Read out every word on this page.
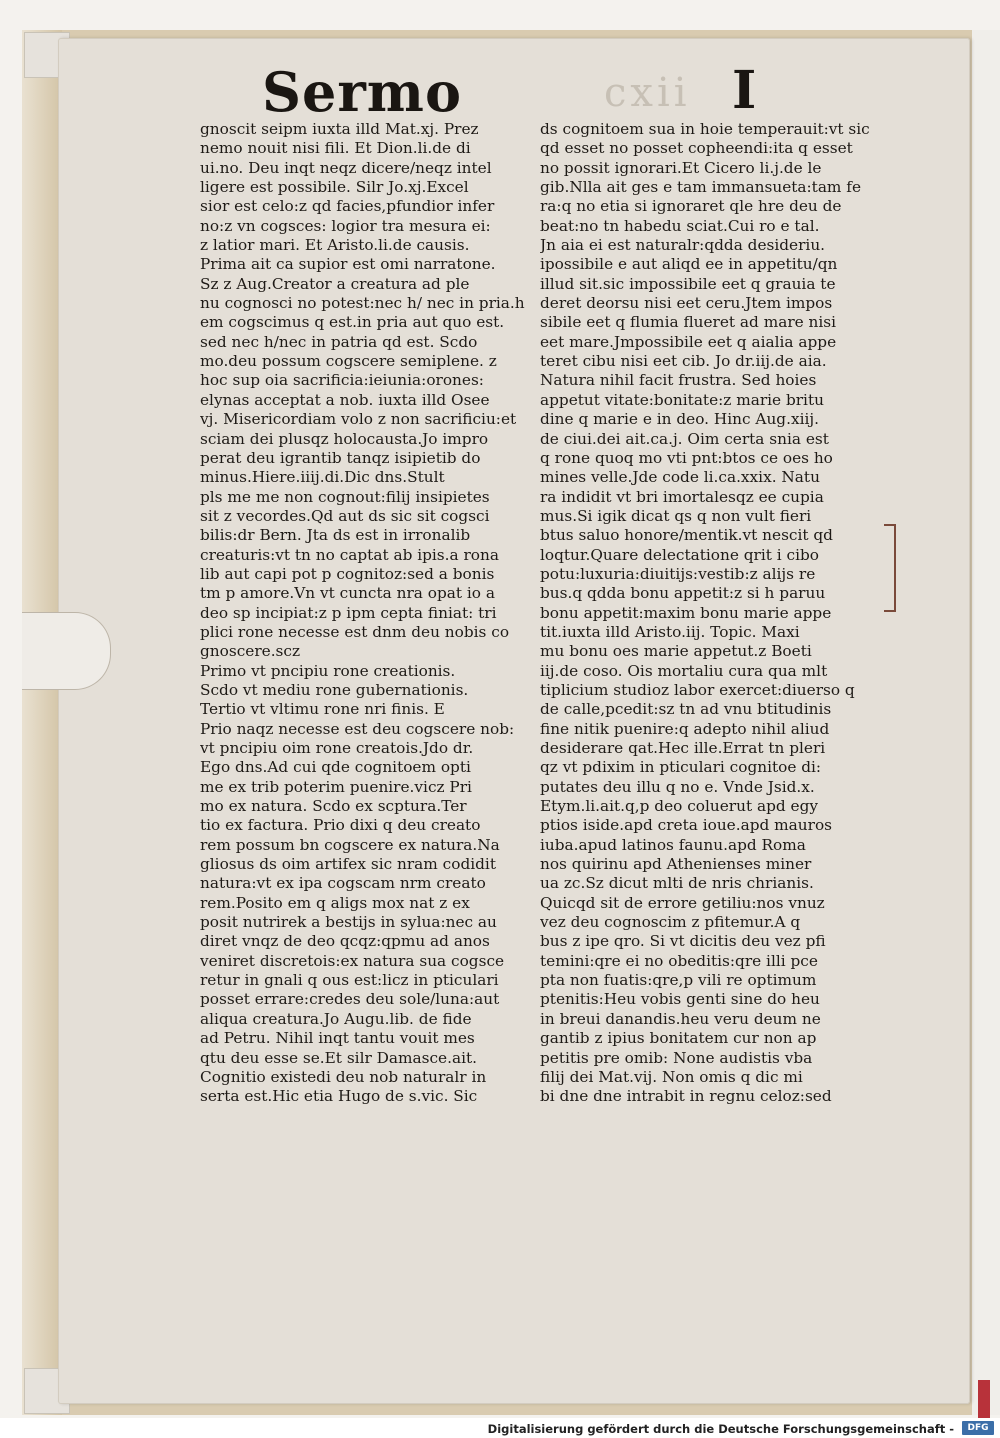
cxii
Sermo	I
gnoscit seipm iuxta illd Mat.xj. Prez
nemo nouit nisi fili. Et Dion.li.de di
ui.no. Deu inqt neqz dicere/neqz intel
ligere est possibile. Silr Jo.xj.Excel
sior est celo:z qd facies,pfundior infer
no:z vn cogsces: logior tra mesura ei:
z latior mari. Et Aristo.li.de causis.
Prima ait ca supior est omi narratone.
Sz z Aug.Creator a creatura ad ple
nu cognosci no potest:nec h/ nec in pria.h
em cogscimus q est.in pria aut quo est.
sed nec h/nec in patria qd est. Scdo
mo.deu possum cogscere semiplene. z
hoc sup oia sacrificia:ieiunia:orones:
elynas acceptat a nob. iuxta illd Osee
vj. Misericordiam volo z non sacrificiu:et
sciam dei plusqz holocausta.Jo impro
perat deu igrantib tanqz isipietib do
minus.Hiere.iiij.di.Dic dns.Stult
pls me me non cognout:filij insipietes
sit z vecordes.Qd aut ds sic sit cogsci
bilis:dr Bern. Jta ds est in irronalib
creaturis:vt tn no captat ab ipis.a rona
lib aut capi pot p cognitoz:sed a bonis
tm p amore.Vn vt cuncta nra opat io a
deo sp incipiat:z p ipm cepta finiat: tri
plici rone necesse est dnm deu nobis co
gnoscere.scz
Primo vt pncipiu rone creationis.
Scdo vt mediu rone gubernationis.
Tertio vt vltimu rone nri finis. E
Prio naqz necesse est deu cogscere nob:
vt pncipiu oim rone creatois.Jdo dr.
Ego dns.Ad cui qde cognitoem opti
me ex trib poterim puenire.vicz Pri
mo ex natura. Scdo ex scptura.Ter
tio ex factura. Prio dixi q deu creato
rem possum bn cogscere ex natura.Na
gliosus ds oim artifex sic nram codidit
natura:vt ex ipa cogscam nrm creato
rem.Posito em q aligs mox nat z ex
posit nutrirek a bestijs in sylua:nec au
diret vnqz de deo qcqz:qpmu ad anos
veniret discretois:ex natura sua cogsce
retur in gnali q ous est:licz in pticulari
posset errare:credes deu sole/luna:aut
aliqua creatura.Jo Augu.lib. de fide
ad Petru. Nihil inqt tantu vouit mes
qtu deu esse se.Et silr Damasce.ait.
Cognitio existedi deu nob naturalr in
serta est.Hic etia Hugo de s.vic. Sic
ds cognitoem sua in hoie temperauit:vt sic
qd esset no posset copheendi:ita q esset
no possit ignorari.Et Cicero li.j.de le
gib.Nlla ait ges e tam immansueta:tam fe
ra:q no etia si ignoraret qle hre deu de
beat:no tn habedu sciat.Cui ro e tal.
Jn aia ei est naturalr:qdda desideriu.
ipossibile e aut aliqd ee in appetitu/qn
illud sit.sic impossibile eet q grauia te
deret deorsu nisi eet ceru.Jtem impos
sibile eet q flumia flueret ad mare nisi
eet mare.Jmpossibile eet q aialia appe
teret cibu nisi eet cib. Jo dr.iij.de aia.
Natura nihil facit frustra. Sed hoies
appetut vitate:bonitate:z marie britu
dine q marie e in deo. Hinc Aug.xiij.
de ciui.dei ait.ca.j. Oim certa snia est
q rone quoq mo vti pnt:btos ce oes ho
mines velle.Jde code li.ca.xxix. Natu
ra indidit vt bri imortalesqz ee cupia
mus.Si igik dicat qs q non vult fieri
btus saluo honore/mentik.vt nescit qd
loqtur.Quare delectatione qrit i cibo
potu:luxuria:diuitijs:vestib:z alijs re
bus.q qdda bonu appetit:z si h paruu
bonu appetit:maxim bonu marie appe
tit.iuxta illd Aristo.iij. Topic. Maxi
mu bonu oes marie appetut.z Boeti
iij.de coso. Ois mortaliu cura qua mlt
tiplicium studioz labor exercet:diuerso q
de calle,pcedit:sz tn ad vnu btitudinis
fine nitik puenire:q adepto nihil aliud
desiderare qat.Hec ille.Errat tn pleri
qz vt pdixim in pticulari cognitoe di:
putates deu illu q no e. Vnde Jsid.x.
Etym.li.ait.q,p deo coluerut apd egy
ptios iside.apd creta ioue.apd mauros
iuba.apud latinos faunu.apd Roma
nos quirinu apd Athenienses miner
ua zc.Sz dicut mlti de nris chrianis.
Quicqd sit de errore getiliu:nos vnuz
vez deu cognoscim z pfitemur.A q
bus z ipe qro. Si vt dicitis deu vez pfi
temini:qre ei no obeditis:qre illi pce
pta non fuatis:qre,p vili re optimum
ptenitis:Heu vobis genti sine do heu
in breui danandis.heu veru deum ne
gantib z ipius bonitatem cur non ap
petitis pre omib: None audistis vba
filij dei Mat.vij. Non omis q dic mi
bi dne dne intrabit in regnu celoz:sed
Digitalisierung gefördert durch die Deutsche Forschungsgemeinschaft -	DFG
